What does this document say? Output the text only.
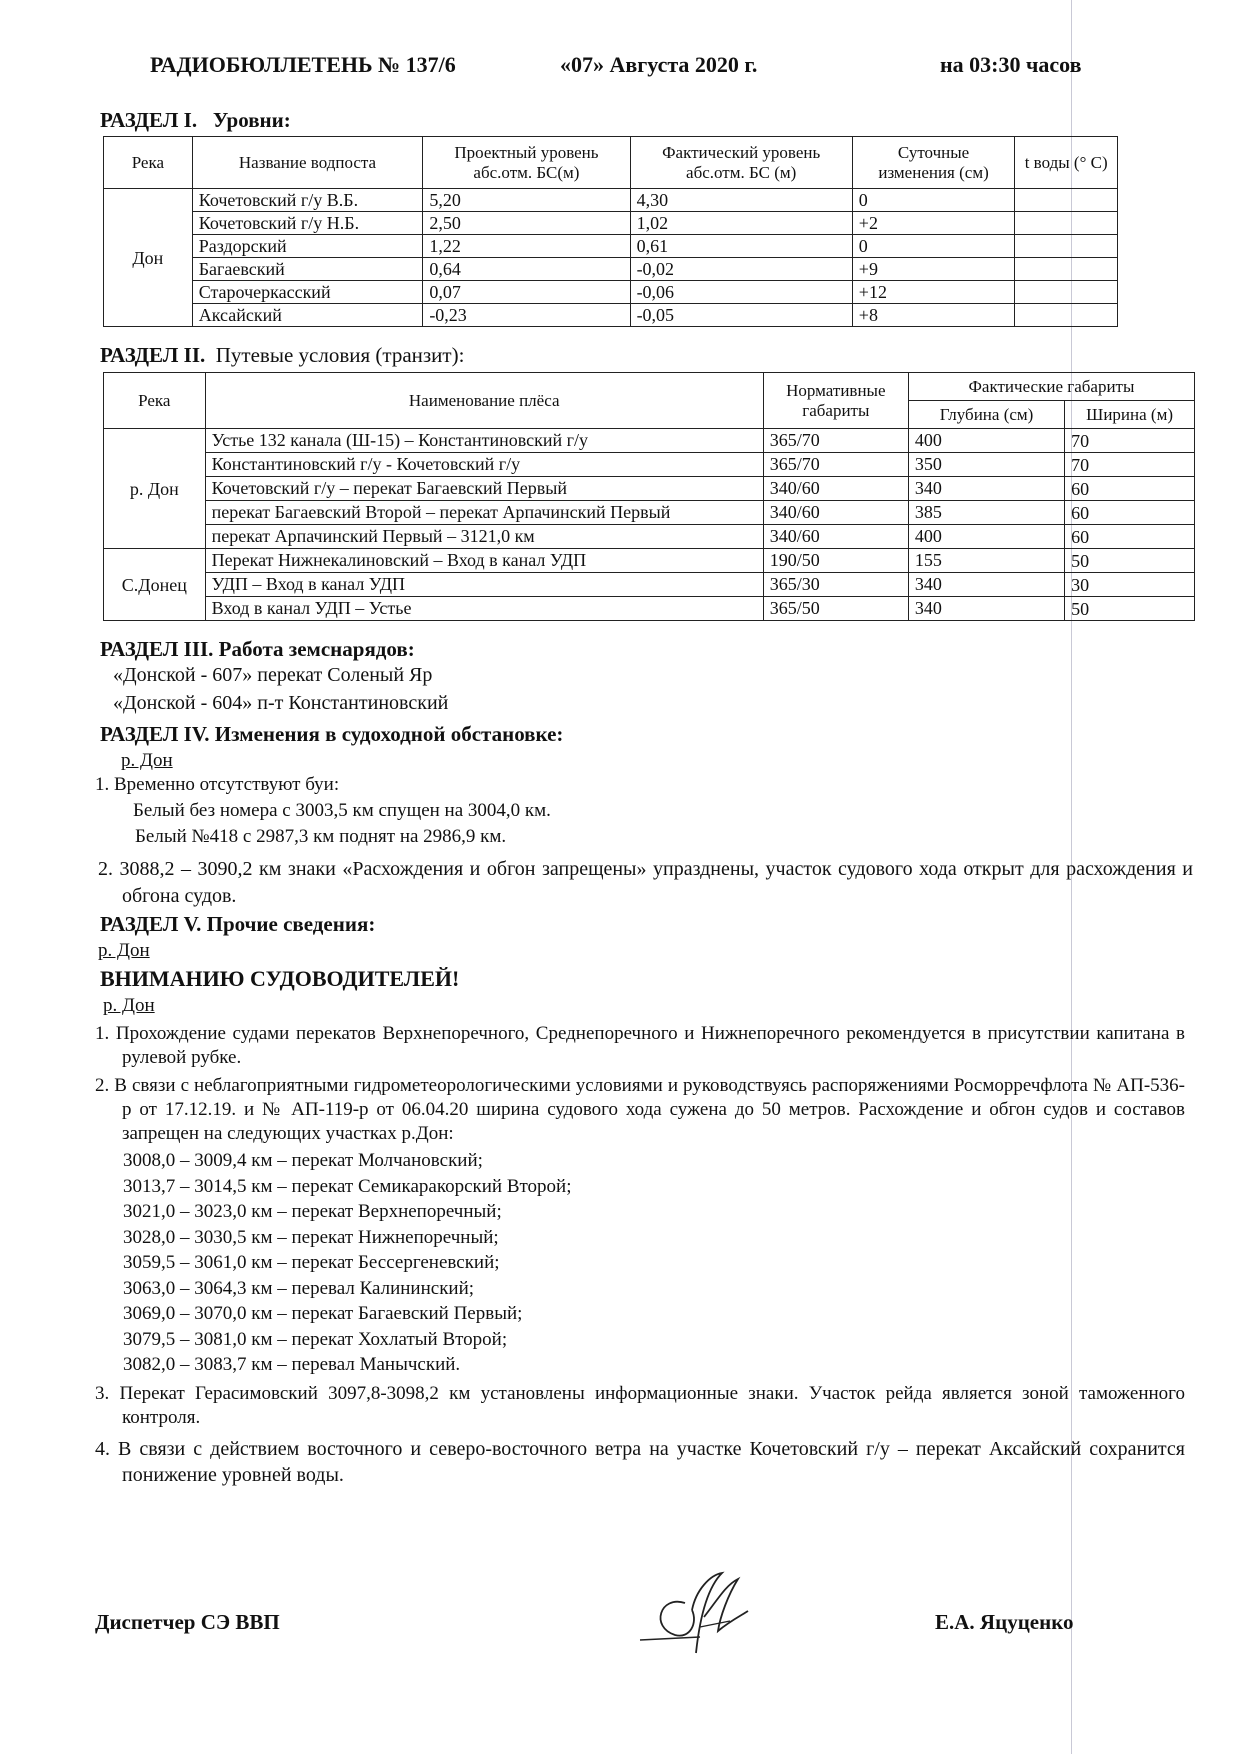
РАДИОБЮЛЛЕТЕНЬ № 137/6	«07» Августа 2020 г.	на 03:30 часов
РАЗДЕЛ I. Уровни:
Река	Название водпоста	Проектный уровень абс.отм. БС(м)	Фактический уровень абс.отм. БС (м)	Суточные изменения (см)	t воды (° С)
Дон	Кочетовский г/у В.Б.	5,20	4,30	0	
	Кочетовский г/у Н.Б.	2,50	1,02	+2	
	Раздорский	1,22	0,61	0	
	Багаевский	0,64	-0,02	+9	
	Старочеркасский	0,07	-0,06	+12	
	Аксайский	-0,23	-0,05	+8	
РАЗДЕЛ II. Путевые условия (транзит):
Река	Наименование плёса	Нормативные габариты	Фактические габариты	
			Глубина (см)	Ширина (м)
р. Дон	Устье 132 канала (Ш-15) – Константиновский г/у	365/70	400	70
	Константиновский г/у - Кочетовский г/у	365/70	350	70
	Кочетовский г/у – перекат Багаевский Первый	340/60	340	60
	перекат Багаевский Второй – перекат Арпачинский Первый	340/60	385	60
	перекат Арпачинский Первый – 3121,0 км	340/60	400	60
С.Донец	Перекат Нижнекалиновский – Вход в канал УДП	190/50	155	50
	УДП – Вход в канал УДП	365/30	340	30
	Вход в канал УДП – Устье	365/50	340	50
РАЗДЕЛ III. Работа земснарядов:
«Донской - 607» перекат Соленый Яр
«Донской - 604» п-т Константиновский
РАЗДЕЛ IV. Изменения в судоходной обстановке:
р. Дон
1. Временно отсутствуют буи:
Белый без номера с 3003,5 км спущен на 3004,0 км.
Белый №418 с 2987,3 км поднят на 2986,9 км.
2. 3088,2 – 3090,2 км знаки «Расхождения и обгон запрещены» упразднены, участок судового хода открыт для расхождения и обгона судов.
РАЗДЕЛ V. Прочие сведения:
р. Дон
ВНИМАНИЮ СУДОВОДИТЕЛЕЙ!
р. Дон
1. Прохождение судами перекатов Верхнепоречного, Среднепоречного и Нижнепоречного рекомендуется в присутствии капитана в рулевой рубке.
2. В связи с неблагоприятными гидрометеорологическими условиями и руководствуясь распоряжениями Росморречфлота № АП-536-р от 17.12.19. и № АП-119-р от 06.04.20 ширина судового хода сужена до 50 метров. Расхождение и обгон судов и составов запрещен на следующих участках р.Дон:
3008,0 – 3009,4 км – перекат Молчановский;
3013,7 – 3014,5 км – перекат Семикаракорский Второй;
3021,0 – 3023,0 км – перекат Верхнепоречный;
3028,0 – 3030,5 км – перекат Нижнепоречный;
3059,5 – 3061,0 км – перекат Бессергеневский;
3063,0 – 3064,3 км – перевал Калининский;
3069,0 – 3070,0 км – перекат Багаевский Первый;
3079,5 – 3081,0 км – перекат Хохлатый Второй;
3082,0 – 3083,7 км – перевал Манычский.
3. Перекат Герасимовский 3097,8-3098,2 км установлены информационные знаки. Участок рейда является зоной таможенного контроля.
4. В связи с действием восточного и северо-восточного ветра на участке Кочетовский г/у – перекат Аксайский сохранится понижение уровней воды.
Диспетчер СЭ ВВП	Е.А. Яцуценко
